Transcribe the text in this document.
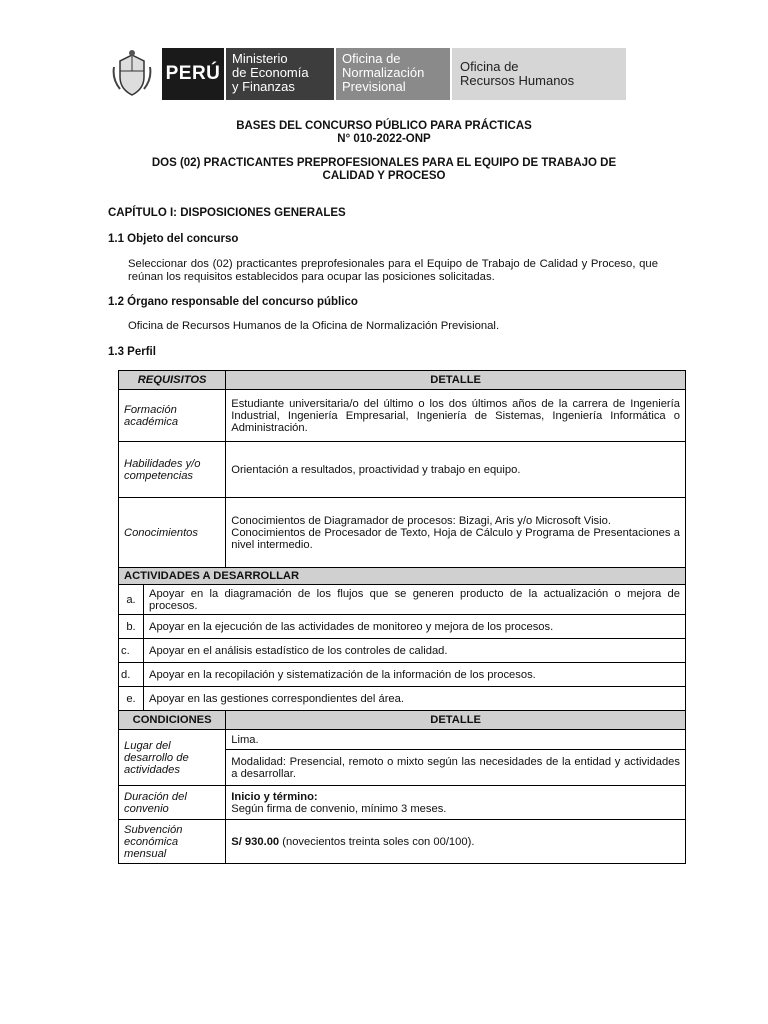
PERÚ
Ministerio
de Economía
y Finanzas
Oficina de
Normalización
Previsional
Oficina de
Recursos Humanos
BASES DEL CONCURSO PÚBLICO PARA PRÁCTICAS
N° 010-2022-ONP
DOS (02) PRACTICANTES PREPROFESIONALES PARA EL EQUIPO DE TRABAJO DE
CALIDAD Y PROCESO
CAPÍTULO I: DISPOSICIONES GENERALES
1.1 Objeto del concurso
Seleccionar dos (02) practicantes preprofesionales para el Equipo de Trabajo de Calidad y Proceso, que reúnan los requisitos establecidos para ocupar las posiciones solicitadas.
1.2 Órgano responsable del concurso público
Oficina de Recursos Humanos de la Oficina de Normalización Previsional.
1.3 Perfil
REQUISITOS		DETALLE
Formación académica		Estudiante universitaria/o del último o los dos últimos años de la carrera de Ingeniería Industrial, Ingeniería Empresarial, Ingeniería de Sistemas, Ingeniería Informática o Administración.
Habilidades y/o competencias		Orientación a resultados, proactividad y trabajo en equipo.
Conocimientos		Conocimientos de Diagramador de procesos: Bizagi, Aris y/o Microsoft Visio.
Conocimientos de Procesador de Texto, Hoja de Cálculo y Programa de Presentaciones a nivel intermedio.

ACTIVIDADES A DESARROLLAR		
a.	Apoyar en la diagramación de los flujos que se generen producto de la actualización o mejora de procesos.	
b.	Apoyar en la ejecución de las actividades de monitoreo y mejora de los procesos.	
c.	Apoyar en el análisis estadístico de los controles de calidad.	
d.	Apoyar en la recopilación y sistematización de la información de los procesos.	
e.	Apoyar en las gestiones correspondientes del área.	
CONDICIONES		DETALLE
Lugar del desarrollo de actividades		Lima.
		Modalidad: Presencial, remoto o mixto según las necesidades de la entidad y actividades a desarrollar.
Duración del convenio		Inicio y término:
Según firma de convenio, mínimo 3 meses.

Subvención económica mensual		S/ 930.00 (novecientos treinta soles con 00/100).
